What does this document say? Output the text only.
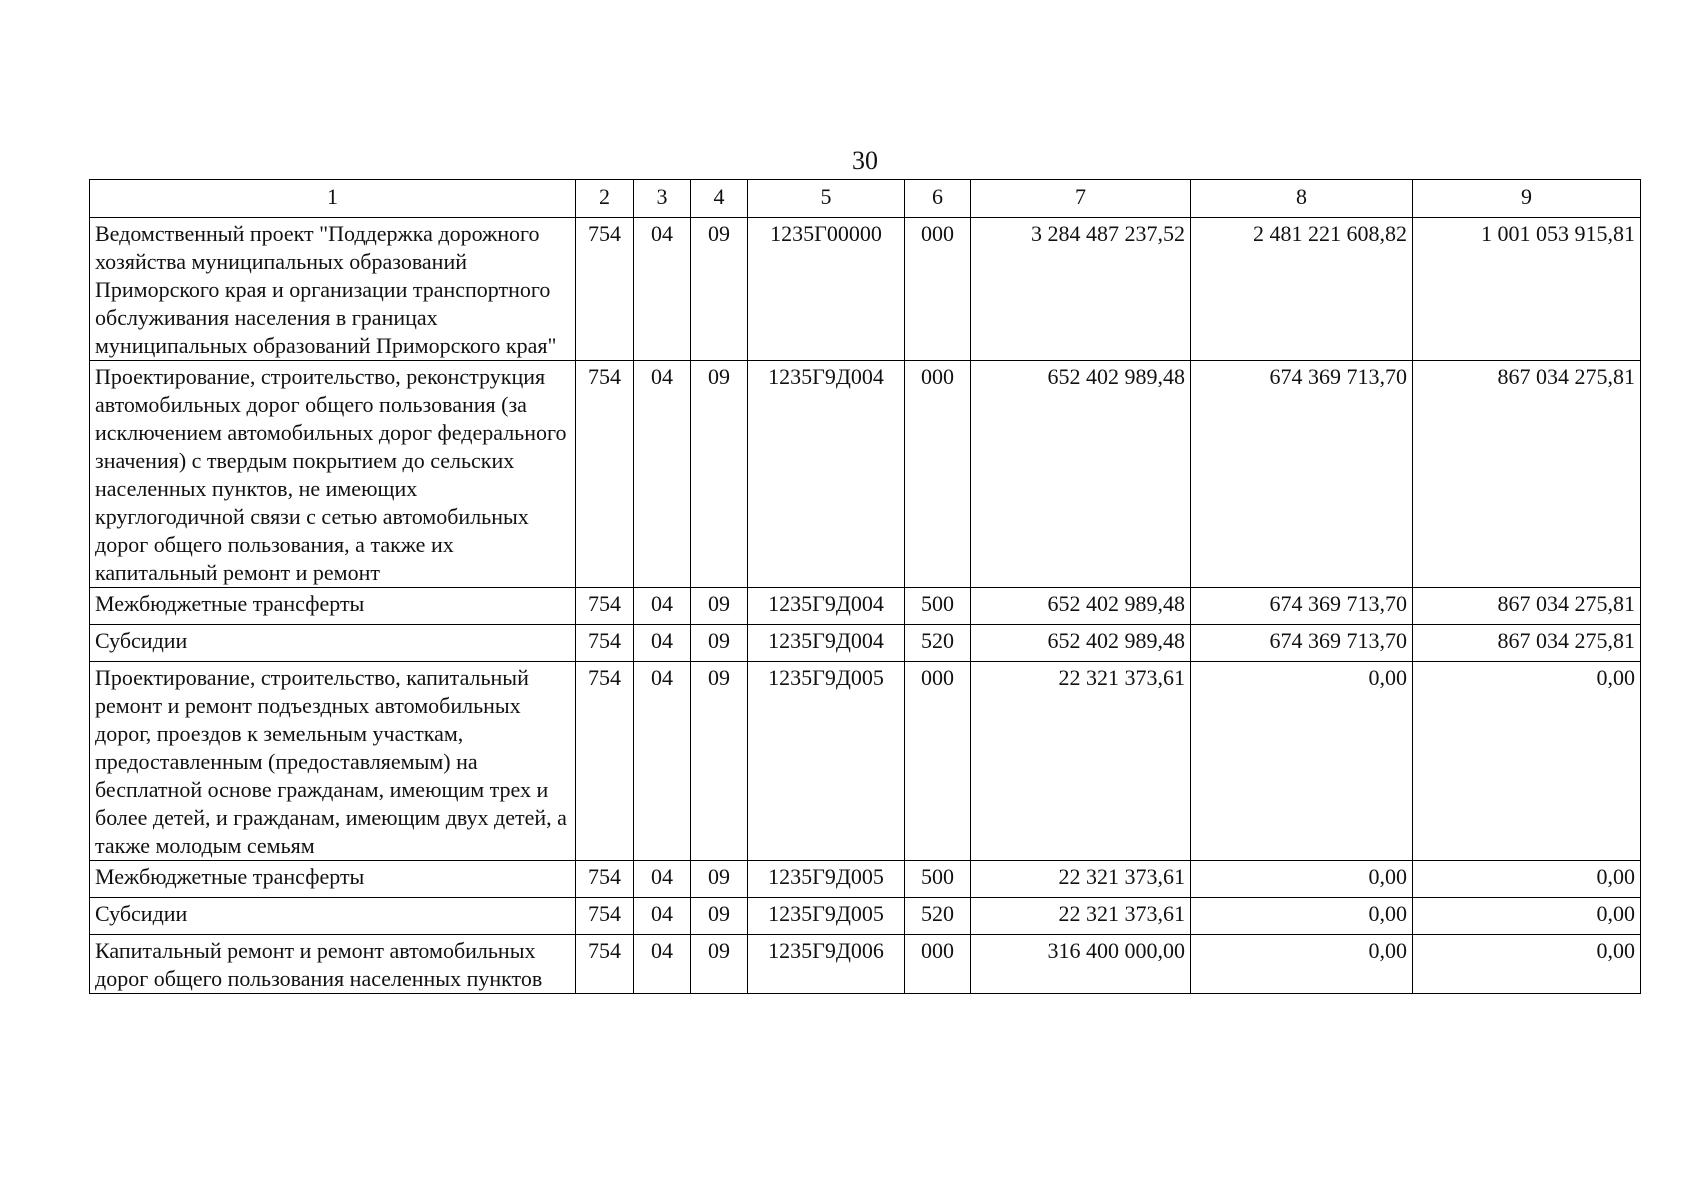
30
1	2	3	4	5	6	7	8	9
Ведомственный проект "Поддержка дорожного хозяйства муниципальных образований Приморского края и организации транспортного обслуживания населения в границах муниципальных образований Приморского края"	754	04	09	1235Г00000	000	3 284 487 237,52	2 481 221 608,82	1 001 053 915,81
Проектирование, строительство, реконструкция автомобильных дорог общего пользования (за исключением автомобильных дорог федерального значения) с твердым покрытием до сельских населенных пунктов, не имеющих круглогодичной связи с сетью автомобильных дорог общего пользования, а также их капитальный ремонт и ремонт	754	04	09	1235Г9Д004	000	652 402 989,48	674 369 713,70	867 034 275,81
Межбюджетные трансферты	754	04	09	1235Г9Д004	500	652 402 989,48	674 369 713,70	867 034 275,81
Субсидии	754	04	09	1235Г9Д004	520	652 402 989,48	674 369 713,70	867 034 275,81
Проектирование, строительство, капитальный ремонт и ремонт подъездных автомобильных дорог, проездов к земельным участкам, предоставленным (предоставляемым) на бесплатной основе гражданам, имеющим трех и более детей, и гражданам, имеющим двух детей, а также молодым семьям	754	04	09	1235Г9Д005	000	22 321 373,61	0,00	0,00
Межбюджетные трансферты	754	04	09	1235Г9Д005	500	22 321 373,61	0,00	0,00
Субсидии	754	04	09	1235Г9Д005	520	22 321 373,61	0,00	0,00
Капитальный ремонт и ремонт автомобильных дорог общего пользования населенных пунктов	754	04	09	1235Г9Д006	000	316 400 000,00	0,00	0,00
